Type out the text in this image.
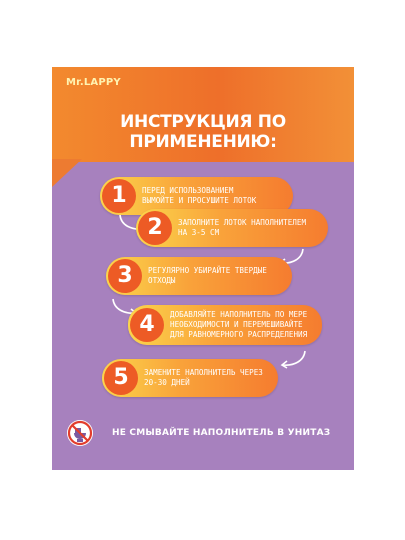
Mr.LAPPY
ИНСТРУКЦИЯ ПО ПРИМЕНЕНИЮ:
1	ПЕРЕД ИСПОЛЬЗОВАНИЕМ
ВЫМОЙТЕ И ПРОСУШИТЕ ЛОТОК
2	ЗАПОЛНИТЕ ЛОТОК НАПОЛНИТЕЛЕМ
НА 3-5 СМ
3	РЕГУЛЯРНО УБИРАЙТЕ ТВЕРДЫЕ
ОТХОДЫ
4	ДОБАВЛЯЙТЕ НАПОЛНИТЕЛЬ ПО МЕРЕ
НЕОБХОДИМОСТИ И ПЕРЕМЕШИВАЙТЕ
ДЛЯ РАВНОМЕРНОГО РАСПРЕДЕЛЕНИЯ
5	ЗАМЕНИТЕ НАПОЛНИТЕЛЬ ЧЕРЕЗ
20-30 ДНЕЙ
НЕ СМЫВАЙТЕ НАПОЛНИТЕЛЬ В УНИТАЗ
